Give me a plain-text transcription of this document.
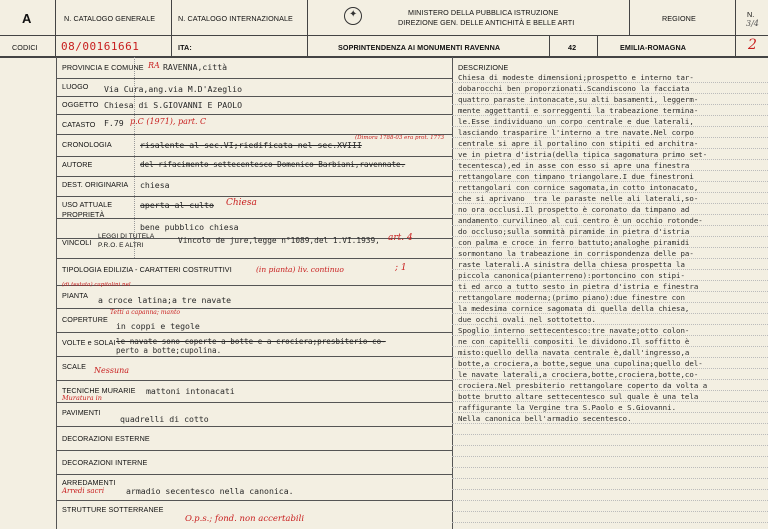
A	N. CATALOGO GENERALE	N. CATALOGO INTERNAZIONALE	✦	MINISTERO DELLA PUBBLICA ISTRUZIONE
DIREZIONE GEN. DELLE ANTICHITÀ E BELLE ARTI	REGIONE	N.
3/4
CODICI 08/00161661	ITA:	SOPRINTENDENZA AI MONUMENTI RAVENNA	42	EMILIA-ROMAGNA	2
PROVINCIA E COMUNE RA RAVENNA,città
LUOGO Via Cura,ang.via M.D'Azeglio
OGGETTO Chiesa di S.GIOVANNI E PAOLO
CATASTO F.79 p.C (1971), part. C
CRONOLOGIA	risalente al sec.VI;riedificata nel sec.XVIII
(Dimora 1788-03 era prot. 1773
AUTORE	del rifacimento settecentesco Domenico Barbiani,ravennate.
DEST. ORIGINARIA chiesa
USO ATTUALE	aperta al culto Chiesa
PROPRIETÀ
bene pubblico chiesa
VINCOLI
LEGGI DI TUTELA
P.R.O. E ALTRI
Vincolo de jure,legge n°1089,del 1.VI.1939, art. 4
TIPOLOGIA EDILIZIA - CARATTERI COSTRUTTIVI	(in pianta) liv. continuo	; 1
PIANTA
(di testata) capitolini nel
a croce latina;a tre navate
COPERTURE
Tetti a capanna; manto
in coppi e tegole
VOLTE e SOLAI le navate sono coperte a botte e a crociera;presbiterio co-
perto a botte;cupolina.
SCALE Nessuna
TECNICHE MURARIE
Muratura in
mattoni intonacati
PAVIMENTI
quadrelli di cotto
DECORAZIONI ESTERNE
DECORAZIONI INTERNE
ARREDAMENTI
Arredi sacri	armadio secentesco nella canonica.
STRUTTURE SOTTERRANEE
O.p.s.; fond. non accertabili
DESCRIZIONE
Chiesa di modeste dimensioni;prospetto e interno tar-
dobarocchi ben proporzionati.Scandiscono la facciata
quattro paraste intonacate,su alti basamenti, leggerm-
mente aggettanti e sorreggenti la trabeazione termina-
le.Esse individuano un corpo centrale e due laterali,
lasciando trasparire l'interno a tre navate.Nel corpo
centrale si apre il portalino con stipiti ed architra-
ve in pietra d'istria(della tipica sagomatura primo set-
tecentesca),ed in asse con esso si apre una finestra
rettangolare con timpano triangolare.I due finestroni
rettangolari con cornice sagomata,in cotto intonacato,
che si aprivano  tra le paraste nelle ali laterali,so-
no ora occlusi.Il prospetto è coronato da timpano ad
andamento curvilineo al cui centro è un occhio rotonde-
do occluso;sulla sommità piramide in pietra d'istria
con palma e croce in ferro battuto;analoghe piramidi
sormontano la trabeazione in corrispondenza delle pa-
raste laterali.A sinistra della chiesa prospetta la
piccola canonica(pianterreno):portoncino con stipi-
ti ed arco a tutto sesto in pietra d'istria e finestra
rettangolare moderna;(primo piano):due finestre con
la medesima cornice sagomata di quella della chiesa,
due occhi ovali nel sottotetto.
Spoglio interno settecentesco:tre navate;otto colon-
ne con capitelli compositi le dividono.Il soffitto è
misto:quello della navata centrale è,dall'ingresso,a
botte,a crociera,a botte,segue una cupolina;quello del-
le navate laterali,a crociera,botte,crociera,botte,co-
crociera.Nel presbiterio rettangolare coperto da volta a
botte brutto altare settecentesco sul quale è una tela
raffigurante la Vergine tra S.Paolo e S.Giovanni.
Nella canonica bell'armadio secentesco.
